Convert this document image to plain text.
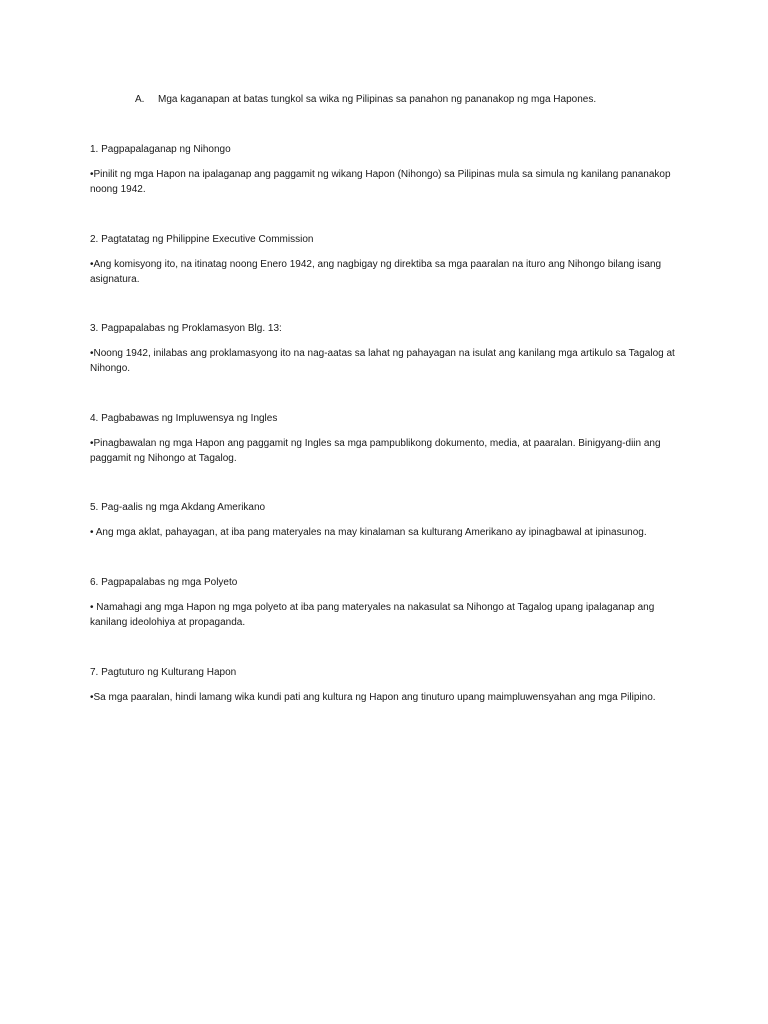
A. Mga kaganapan at batas tungkol sa wika ng Pilipinas sa panahon ng pananakop ng mga Hapones.

1. Pagpapalaganap ng Nihongo

•Pinilit ng mga Hapon na ipalaganap ang paggamit ng wikang Hapon (Nihongo) sa Pilipinas mula sa simula ng kanilang pananakop noong 1942.

2. Pagtatatag ng Philippine Executive Commission

•Ang komisyong ito, na itinatag noong Enero 1942, ang nagbigay ng direktiba sa mga paaralan na ituro ang Nihongo bilang isang asignatura.

3. Pagpapalabas ng Proklamasyon Blg. 13:

•Noong 1942, inilabas ang proklamasyong ito na nag-aatas sa lahat ng pahayagan na isulat ang kanilang mga artikulo sa Tagalog at Nihongo.

4. Pagbabawas ng Impluwensya ng Ingles

•Pinagbawalan ng mga Hapon ang paggamit ng Ingles sa mga pampublikong dokumento, media, at paaralan. Binigyang-diin ang paggamit ng Nihongo at Tagalog.

5. Pag-aalis ng mga Akdang Amerikano

• Ang mga aklat, pahayagan, at iba pang materyales na may kinalaman sa kulturang Amerikano ay ipinagbawal at ipinasunog.

6. Pagpapalabas ng mga Polyeto

• Namahagi ang mga Hapon ng mga polyeto at iba pang materyales na nakasulat sa Nihongo at Tagalog upang ipalaganap ang kanilang ideolohiya at propaganda.

7. Pagtuturo ng Kulturang Hapon

•Sa mga paaralan, hindi lamang wika kundi pati ang kultura ng Hapon ang tinuturo upang maimpluwensyahan ang mga Pilipino.
